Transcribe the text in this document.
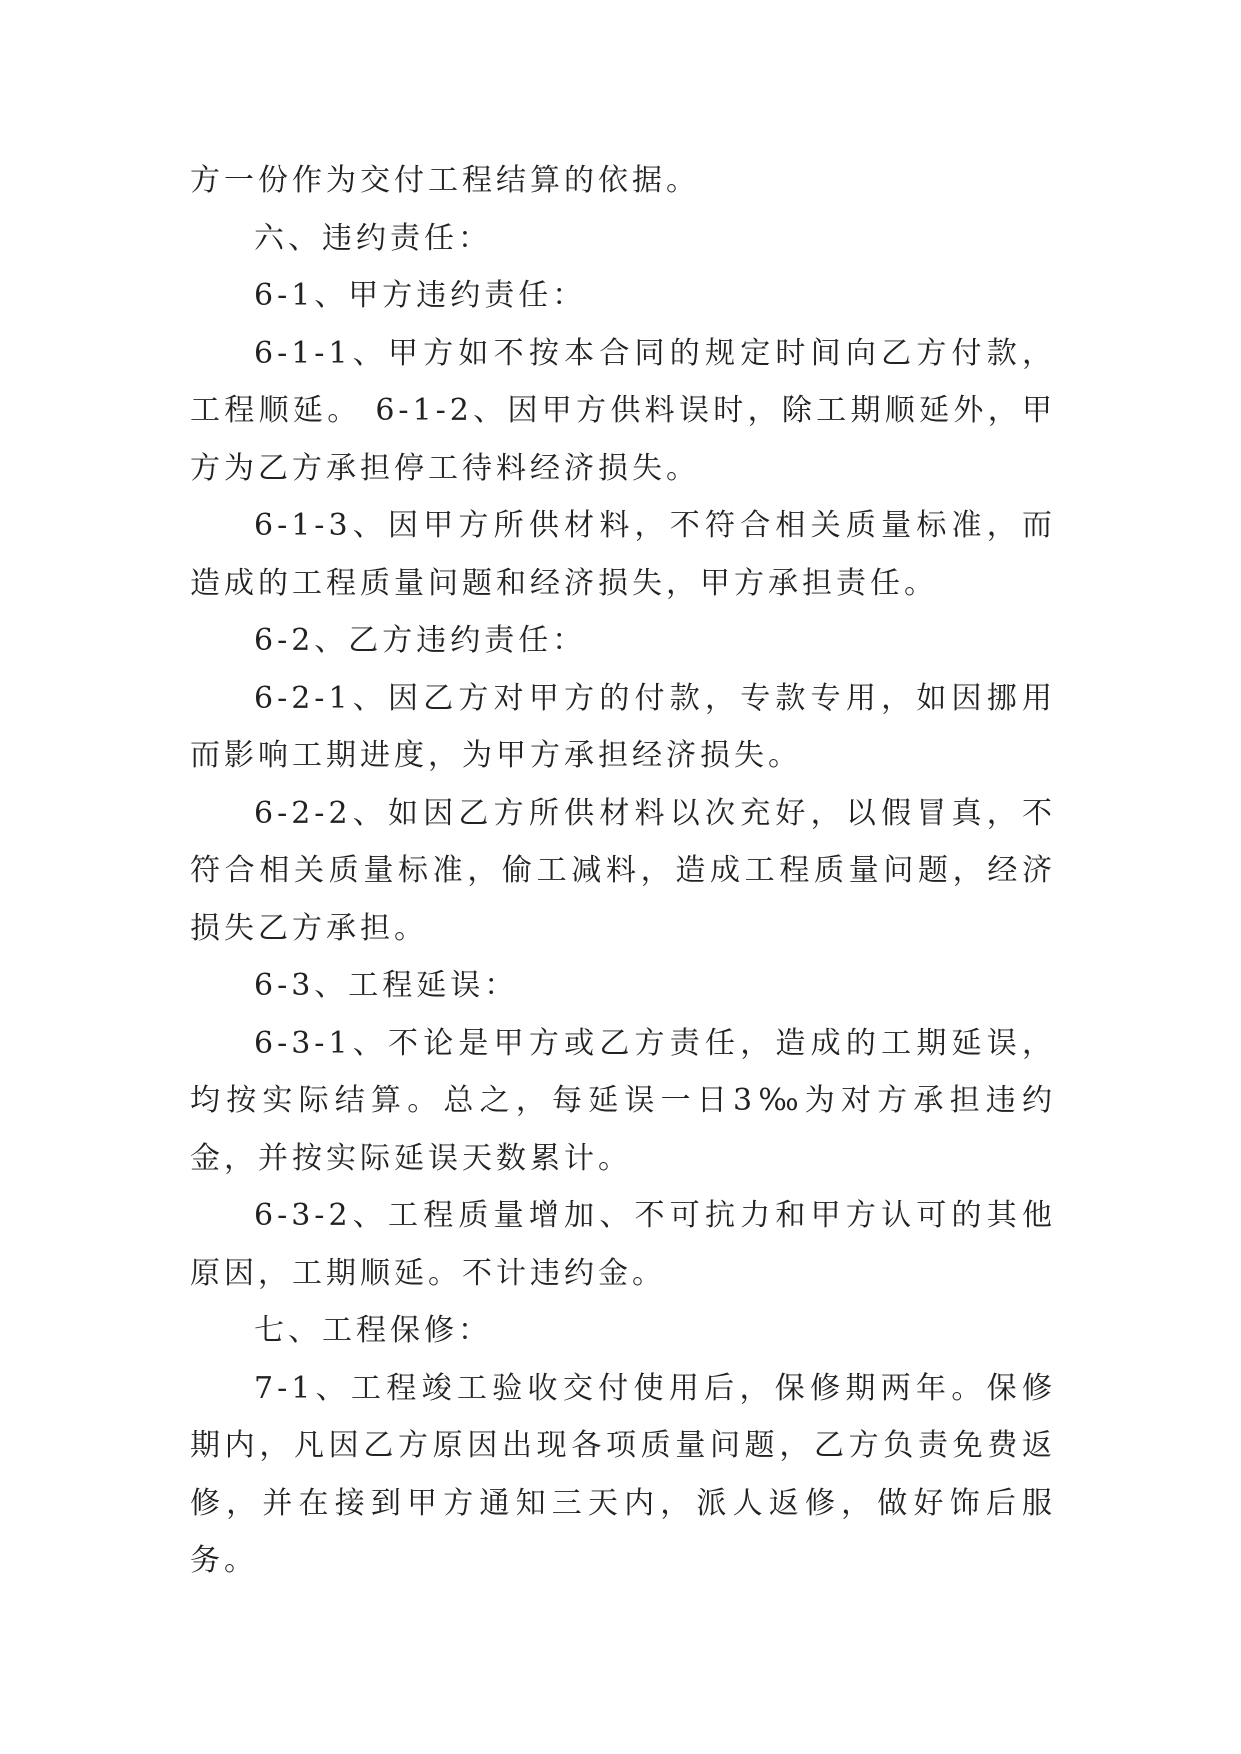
方一份作为交付工程结算的依据。

六、违约责任：

6-1、甲方违约责任：

6-1-1、甲方如不按本合同的规定时间向乙方付款，工程顺延。 6-1-2、因甲方供料误时，除工期顺延外，甲方为乙方承担停工待料经济损失。

6-1-3、因甲方所供材料，不符合相关质量标准，而造成的工程质量问题和经济损失，甲方承担责任。

6-2、乙方违约责任：

6-2-1、因乙方对甲方的付款，专款专用，如因挪用而影响工期进度，为甲方承担经济损失。

6-2-2、如因乙方所供材料以次充好，以假冒真，不符合相关质量标准，偷工减料，造成工程质量问题，经济损失乙方承担。

6-3、工程延误：

6-3-1、不论是甲方或乙方责任，造成的工期延误，均按实际结算。总之，每延误一日3‰为对方承担违约金，并按实际延误天数累计。

6-3-2、工程质量增加、不可抗力和甲方认可的其他原因，工期顺延。不计违约金。

七、工程保修：

7-1、工程竣工验收交付使用后，保修期两年。保修期内，凡因乙方原因出现各项质量问题，乙方负责免费返修，并在接到甲方通知三天内，派人返修，做好饰后服务。
